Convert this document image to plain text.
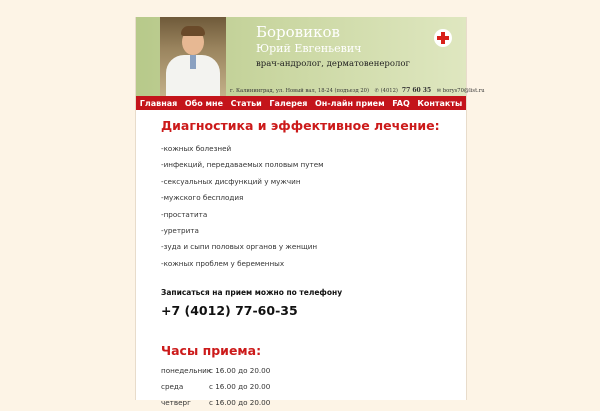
Боровиков
Юрий Евгеньевич
врач-андролог, дерматовенеролог
г. Калининград, ул. Новый вал, 18-24 (подъезд 20) ✆ (4012) 77 60 35 ✉ borys70@list.ru
Главная Обо мне Статьи Галерея Он-лайн прием FAQ Контакты
Диагностика и эффективное лечение:
-кожных болезней
-инфекций, передаваемых половым путем
-сексуальных дисфункций у мужчин
-мужского бесплодия
-простатита
-уретрита
-зуда и сыпи половых органов у женщин
-кожных проблем у беременных
Записаться на прием можно по телефону
+7 (4012) 77-60-35
Часы приема:
понедельникс 16.00 до 20.00
среда	с 16.00 до 20.00
четверг	с 16.00 до 20.00
